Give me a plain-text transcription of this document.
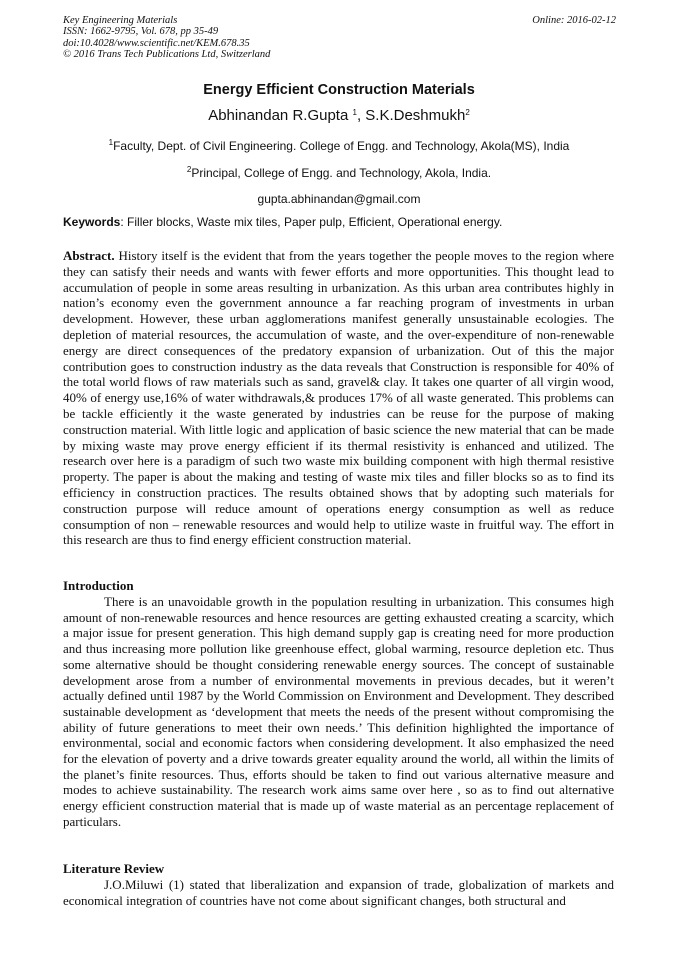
Key Engineering Materials
ISSN: 1662-9795, Vol. 678, pp 35-49
doi:10.4028/www.scientific.net/KEM.678.35
© 2016 Trans Tech Publications Ltd, Switzerland
Online: 2016-02-12
Energy Efficient Construction Materials
Abhinandan R.Gupta $^1$, S.K.Deshmukh$^2$
$^1$Faculty, Dept. of Civil Engineering. College of Engg. and Technology, Akola(MS), India
$^2$Principal, College of Engg. and Technology, Akola, India.
gupta.abhinandan@gmail.com
Keywords: Filler blocks, Waste mix tiles, Paper pulp, Efficient, Operational energy.

Abstract. History itself is the evident that from the years together the people moves to the region where they can satisfy their needs and wants with fewer efforts and more opportunities. This thought lead to accumulation of people in some areas resulting in urbanization. As this urban area contributes highly in nation’s economy even the government announce a far reaching program of investments in urban development. However, these urban agglomerations manifest generally unsustainable ecologies. The depletion of material resources, the accumulation of waste, and the over-expenditure of non-renewable energy are direct consequences of the predatory expansion of urbanization. Out of this the major contribution goes to construction industry as the data reveals that Construction is responsible for 40% of the total world flows of raw materials such as sand, gravel& clay. It takes one quarter of all virgin wood, 40% of energy use,16% of water withdrawals,& produces 17% of all waste generated. This problems can be tackle efficiently it the waste generated by industries can be reuse for the purpose of making construction material. With little logic and application of basic science the new material that can be made by mixing waste may prove energy efficient if its thermal resistivity is enhanced and utilized. The research over here is a paradigm of such two waste mix building component with high thermal resistive property. The paper is about the making and testing of waste mix tiles and filler blocks so as to find its efficiency in construction practices. The results obtained shows that by adopting such materials for construction purpose will reduce amount of operations energy consumption as well as reduce consumption of non – renewable resources and would help to utilize waste in fruitful way. The effort in this research are thus to find energy efficient construction material.

Introduction

There is an unavoidable growth in the population resulting in urbanization. This consumes high amount of non-renewable resources and hence resources are getting exhausted creating a scarcity, which a major issue for present generation. This high demand supply gap is creating need for more production and thus increasing more pollution like greenhouse effect, global warming, resource depletion etc. Thus some alternative should be thought considering renewable energy sources. The concept of sustainable development arose from a number of environmental movements in previous decades, but it weren’t actually defined until 1987 by the World Commission on Environment and Development. They described sustainable development as ‘development that meets the needs of the present without compromising the ability of future generations to meet their own needs.’ This definition highlighted the importance of environmental, social and economic factors when considering development. It also emphasized the need for the elevation of poverty and a drive towards greater equality around the world, all within the limits of the planet’s finite resources. Thus, efforts should be taken to find out various alternative measure and modes to achieve sustainability. The research work aims same over here , so as to find out alternative energy efficient construction material that is made up of waste material as an percentage replacement of particulars.

Literature Review

J.O.Miluwi (1) stated that liberalization and expansion of trade, globalization of markets and economical integration of countries have not come about significant changes, both structural and
